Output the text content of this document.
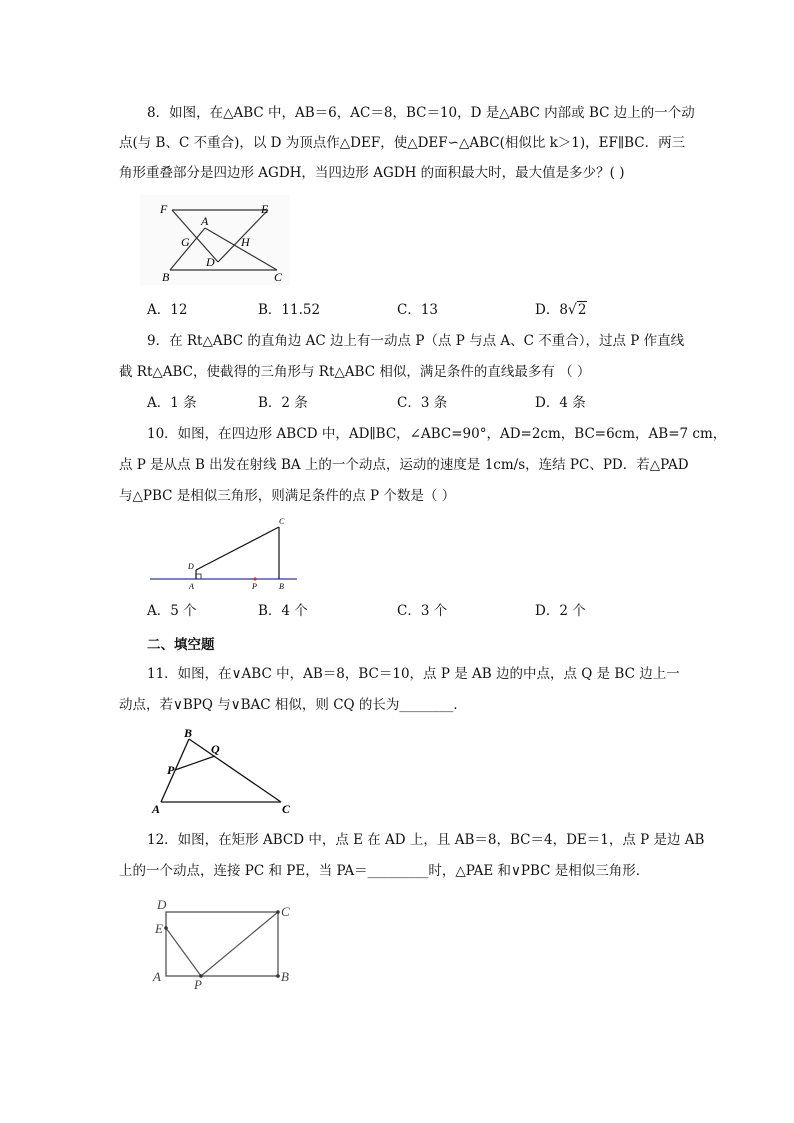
8．如图，在△ABC 中，AB＝6，AC＝8，BC＝10，D 是△ABC 内部或 BC 边上的一个动
点(与 B、C 不重合)，以 D 为顶点作△DEF，使△DEF∽△ABC(相似比 k＞1)，EF∥BC．两三
角形重叠部分是四边形 AGDH，当四边形 AGDH 的面积最大时，最大值是多少？( )
F	E
A
G	H
D
B	C
A．12	B．11.52	C．13	D．8√2
9．在 Rt△ABC 的直角边 AC 边上有一动点 P（点 P 与点 A、C 不重合），过点 P 作直线
截 Rt△ABC，使截得的三角形与 Rt△ABC 相似，满足条件的直线最多有 （ ）
A．1 条	B．2 条	C．3 条	D．4 条
10．如图，在四边形 ABCD 中，AD∥BC，∠ABC=90°，AD=2cm，BC=6cm，AB=7 cm，
点 P 是从点 B 出发在射线 BA 上的一个动点，运动的速度是 1cm/s，连结 PC、PD．若△PAD
与△PBC 是相似三角形，则满足条件的点 P 个数是（ ）
C
D
A	P	B
A．5 个	B．4 个	C．3 个	D．2 个
二、填空题
11．如图，在∨ABC 中，AB＝8，BC＝10，点 P 是 AB 边的中点，点 Q 是 BC 边上一
动点，若∨BPQ 与∨BAC 相似，则 CQ 的长为________．
B
Q
P
A	C
12．如图，在矩形 ABCD 中，点 E 在 AD 上，且 AB＝8，BC＝4，DE＝1，点 P 是边 AB
上的一个动点，连接 PC 和 PE，当 PA＝_________时，△PAE 和∨PBC 是相似三角形．
D	C
E
A
P
B
